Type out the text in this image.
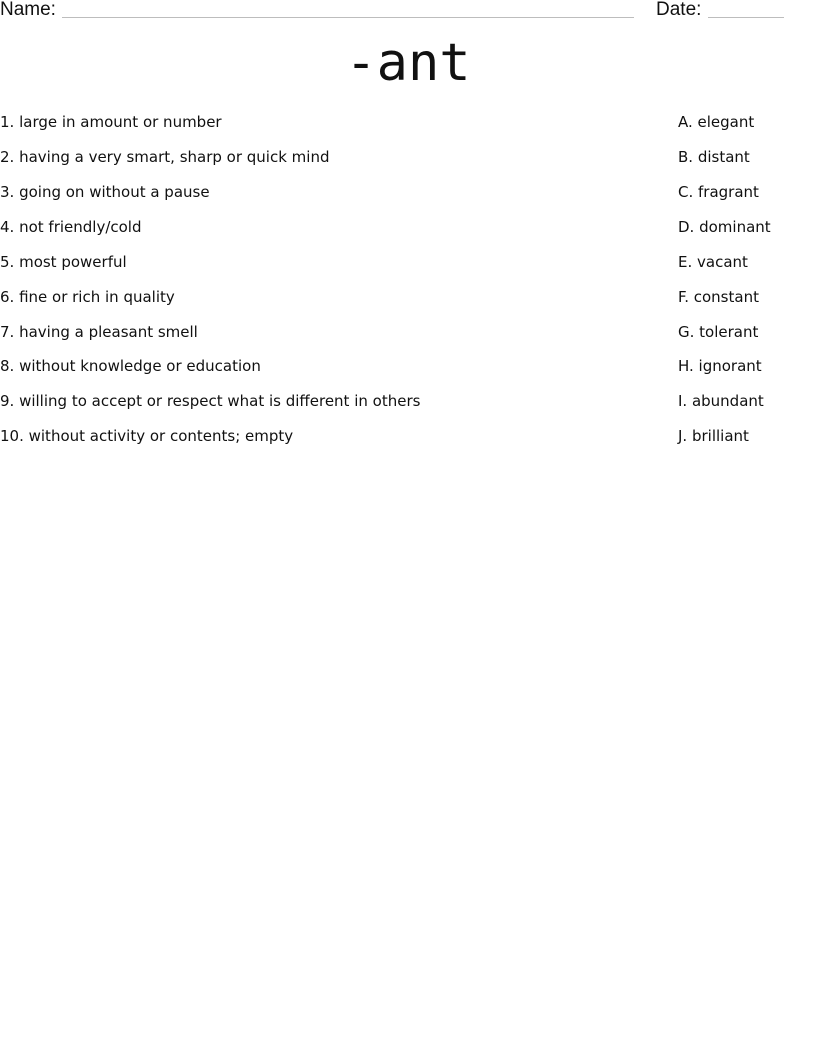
Name:	Date:
-ant
1. large in amount or number
2. having a very smart, sharp or quick mind
3. going on without a pause
4. not friendly/cold
5. most powerful
6. fine or rich in quality
7. having a pleasant smell
8. without knowledge or education
9. willing to accept or respect what is different in others
10. without activity or contents; empty
A. elegant
B. distant
C. fragrant
D. dominant
E. vacant
F. constant
G. tolerant
H. ignorant
I. abundant
J. brilliant
